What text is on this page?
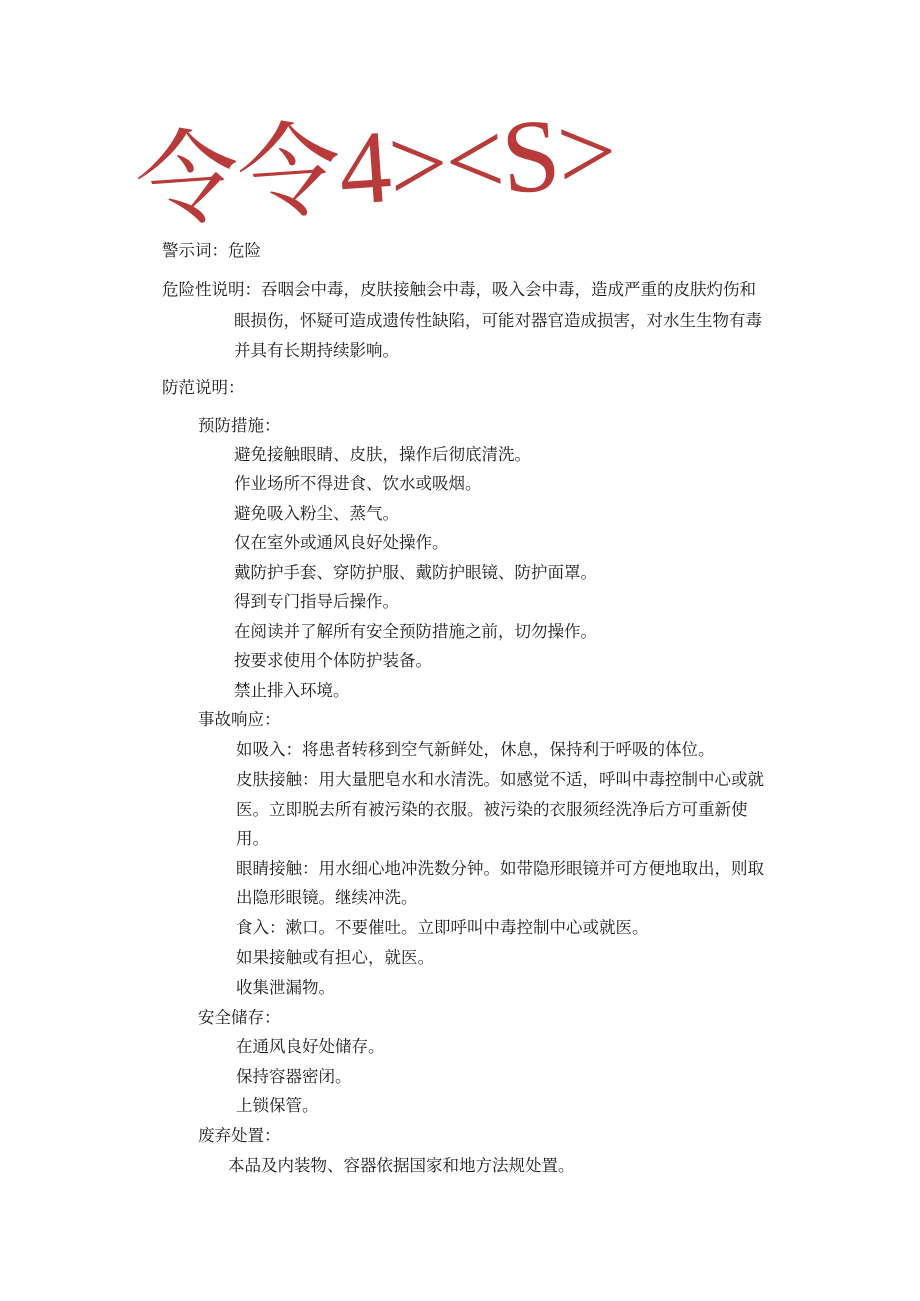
令令4><S>
警示词：危险
危险性说明：吞咽会中毒，皮肤接触会中毒，吸入会中毒，造成严重的皮肤灼伤和
眼损伤，怀疑可造成遗传性缺陷，可能对器官造成损害，对水生生物有毒
并具有长期持续影响。
防范说明：
预防措施：
避免接触眼睛、皮肤，操作后彻底清洗。
作业场所不得进食、饮水或吸烟。
避免吸入粉尘、蒸气。
仅在室外或通风良好处操作。
戴防护手套、穿防护服、戴防护眼镜、防护面罩。
得到专门指导后操作。
在阅读并了解所有安全预防措施之前，切勿操作。
按要求使用个体防护装备。
禁止排入环境。
事故响应：
如吸入：将患者转移到空气新鲜处，休息，保持利于呼吸的体位。
皮肤接触：用大量肥皂水和水清洗。如感觉不适，呼叫中毒控制中心或就
医。立即脱去所有被污染的衣服。被污染的衣服须经洗净后方可重新使
用。
眼睛接触：用水细心地冲洗数分钟。如带隐形眼镜并可方便地取出，则取
出隐形眼镜。继续冲洗。
食入：漱口。不要催吐。立即呼叫中毒控制中心或就医。
如果接触或有担心，就医。
收集泄漏物。
安全储存：
在通风良好处储存。
保持容器密闭。
上锁保管。
废弃处置：
本品及内装物、容器依据国家和地方法规处置。
